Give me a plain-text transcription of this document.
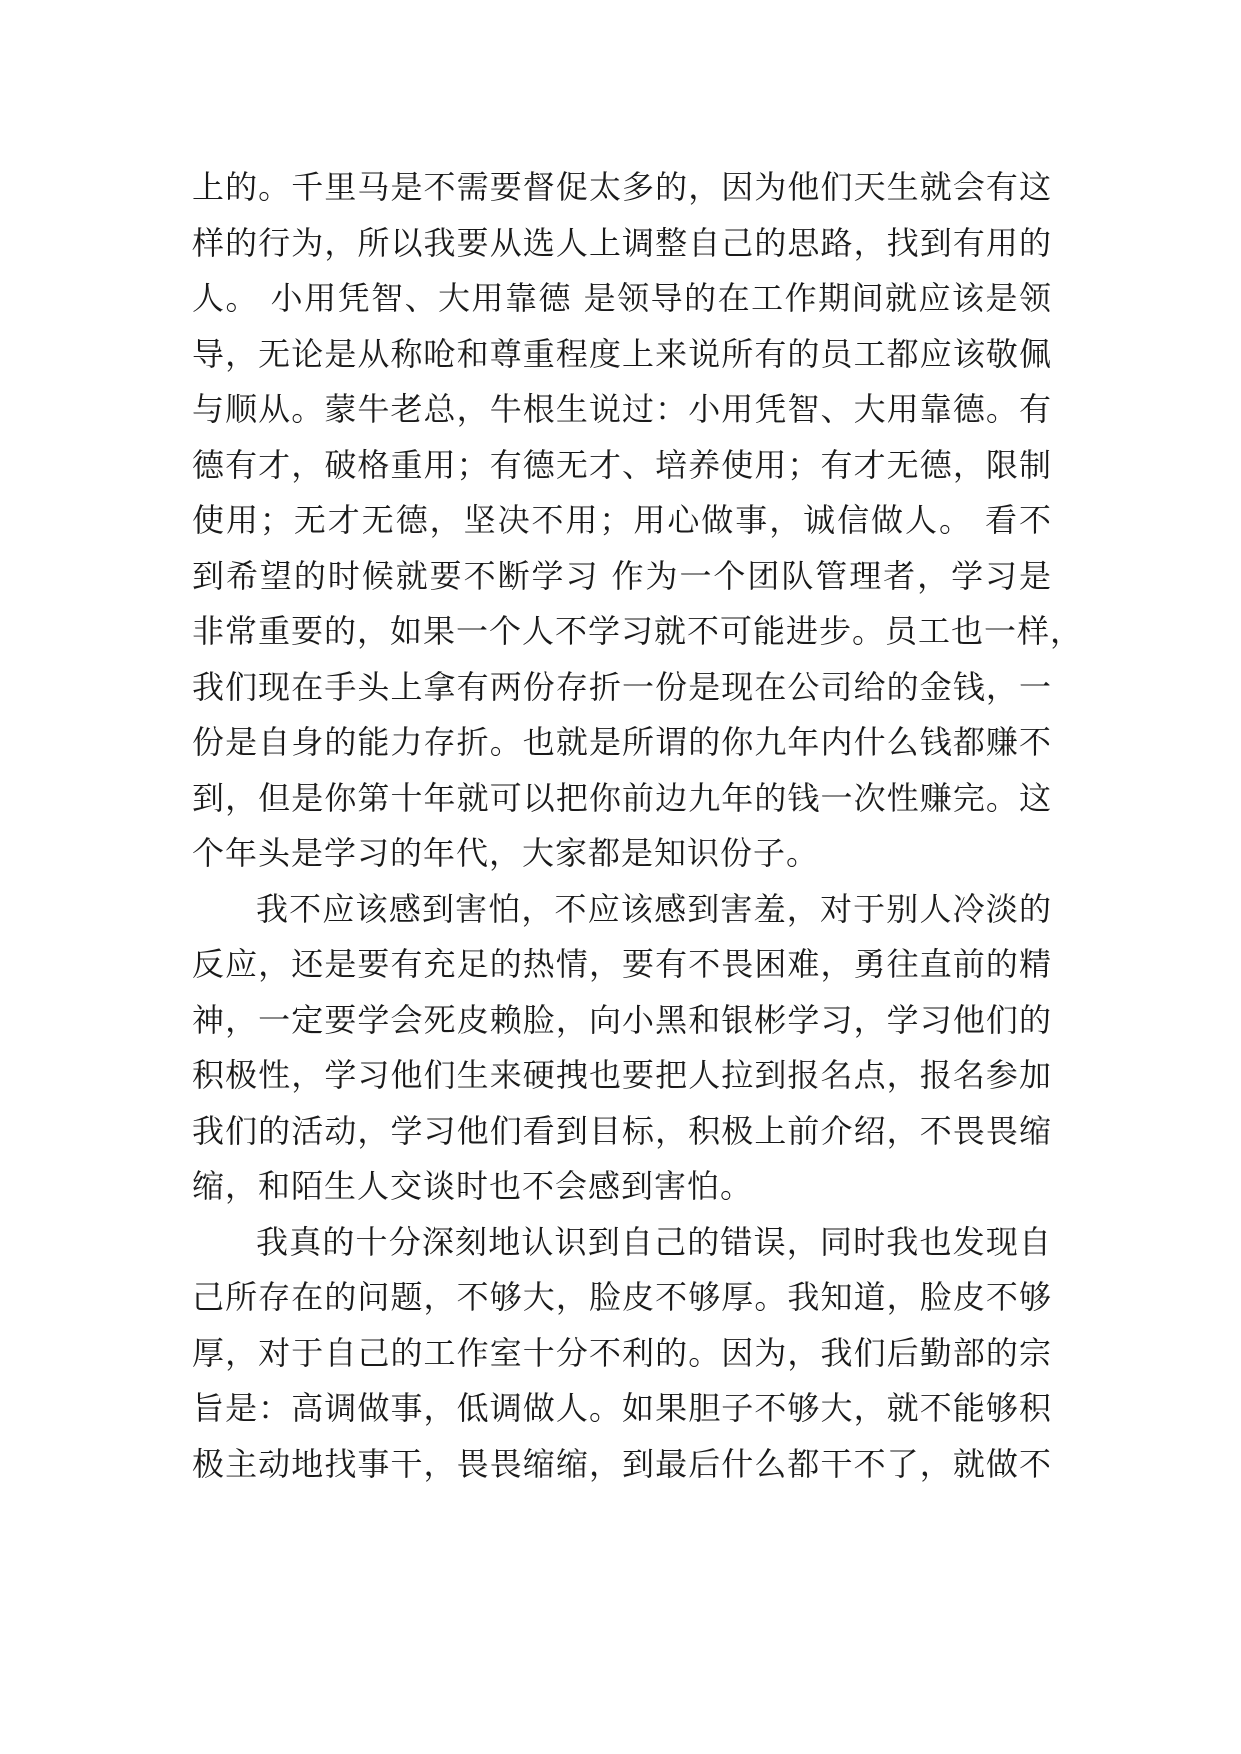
上的。千里马是不需要督促太多的，因为他们天生就会有这
样的行为，所以我要从选人上调整自己的思路，找到有用的
人。 小用凭智、大用靠德 是领导的在工作期间就应该是领
导，无论是从称呛和尊重程度上来说所有的员工都应该敬佩
与顺从。蒙牛老总，牛根生说过：小用凭智、大用靠德。有
德有才，破格重用；有德无才、培养使用；有才无德，限制
使用；无才无德，坚决不用；用心做事，诚信做人。 看不
到希望的时候就要不断学习 作为一个团队管理者，学习是
非常重要的，如果一个人不学习就不可能进步。员工也一样，
我们现在手头上拿有两份存折一份是现在公司给的金钱，一
份是自身的能力存折。也就是所谓的你九年内什么钱都赚不
到，但是你第十年就可以把你前边九年的钱一次性赚完。这
个年头是学习的年代，大家都是知识份子。
我不应该感到害怕，不应该感到害羞，对于别人冷淡的
反应，还是要有充足的热情，要有不畏困难，勇往直前的精
神，一定要学会死皮赖脸，向小黑和银彬学习，学习他们的
积极性，学习他们生来硬拽也要把人拉到报名点，报名参加
我们的活动，学习他们看到目标，积极上前介绍，不畏畏缩
缩，和陌生人交谈时也不会感到害怕。
我真的十分深刻地认识到自己的错误，同时我也发现自
己所存在的问题，不够大，脸皮不够厚。我知道，脸皮不够
厚，对于自己的工作室十分不利的。因为，我们后勤部的宗
旨是：高调做事，低调做人。如果胆子不够大，就不能够积
极主动地找事干，畏畏缩缩，到最后什么都干不了，就做不
